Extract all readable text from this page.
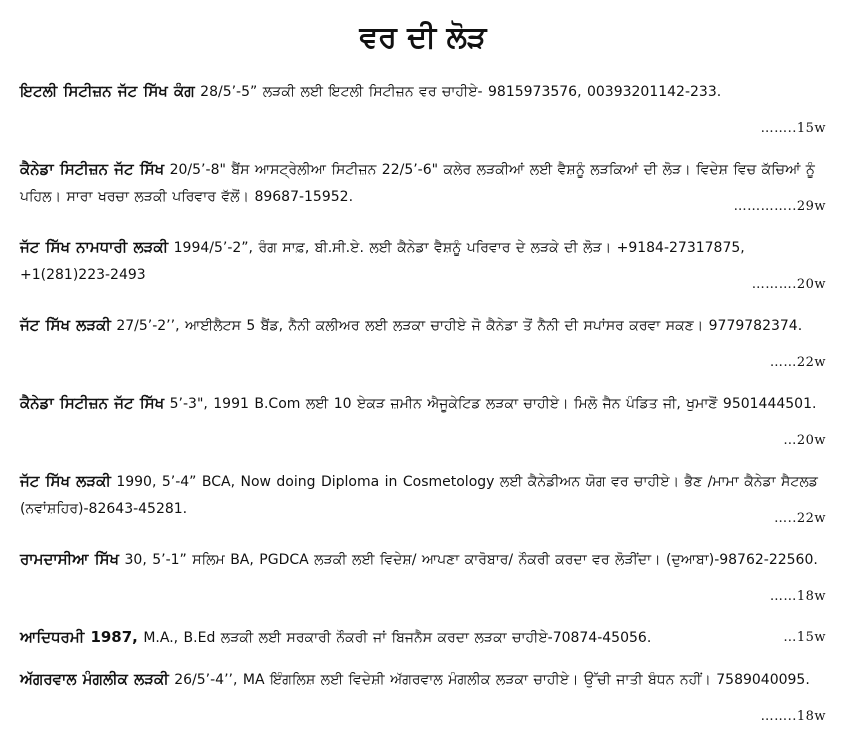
ਵਰ ਦੀ ਲੋੜ

ਇਟਲੀ ਸਿਟੀਜ਼ਨ ਜੱਟ ਸਿੱਖ ਕੰਗ 28/5’-5” ਲੜਕੀ ਲਈ ਇਟਲੀ ਸਿਟੀਜ਼ਨ ਵਰ ਚਾਹੀਏ- 9815973576, 00393201142-233.

……..15w

ਕੈਨੇਡਾ ਸਿਟੀਜ਼ਨ ਜੱਟ ਸਿੱਖ 20/5’-8" ਬੈਂਸ ਆਸਟ੍ਰੇਲੀਆ ਸਿਟੀਜ਼ਨ 22/5’-6" ਕਲੇਰ ਲੜਕੀਆਂ ਲਈ ਵੈਸ਼ਨੂੰ ਲੜਕਿਆਂ ਦੀ ਲੋੜ। ਵਿਦੇਸ਼ ਵਿਚ ਕੱਚਿਆਂ ਨੂੰ ਪਹਿਲ। ਸਾਰਾ ਖਰਚਾ ਲੜਕੀ ਪਰਿਵਾਰ ਵੱਲੋਂ। 89687-15952.

…………..29w

ਜੱਟ ਸਿੱਖ ਨਾਮਧਾਰੀ ਲੜਕੀ 1994/5’-2”, ਰੰਗ ਸਾਫ਼, ਬੀ.ਸੀ.ਏ. ਲਈ ਕੈਨੇਡਾ ਵੈਸ਼ਨੂੰ ਪਰਿਵਾਰ ਦੇ ਲੜਕੇ ਦੀ ਲੋੜ। +9184-27317875, +1(281)223-2493

……….20w

ਜੱਟ ਸਿੱਖ ਲੜਕੀ 27/5’-2’’, ਆਈਲੈਟਸ 5 ਬੈਂਡ, ਨੈਨੀ ਕਲੀਅਰ ਲਈ ਲੜਕਾ ਚਾਹੀਏ ਜੋ ਕੈਨੇਡਾ ਤੋਂ ਨੈਨੀ ਦੀ ਸਪਾਂਸਰ ਕਰਵਾ ਸਕਣ। 9779782374.

……22w

ਕੈਨੇਡਾ ਸਿਟੀਜ਼ਨ ਜੱਟ ਸਿੱਖ 5’-3", 1991 B.Com ਲਈ 10 ਏਕੜ ਜ਼ਮੀਨ ਐਜੂਕੇਟਿਡ ਲੜਕਾ ਚਾਹੀਏ। ਮਿਲੋ ਜੈਨ ਪੰਡਿਤ ਜੀ, ਖੁਮਾਣੋਂ 9501444501.

…20w

ਜੱਟ ਸਿੱਖ ਲੜਕੀ 1990, 5’-4” BCA, Now doing Diploma in Cosmetology ਲਈ ਕੈਨੇਡੀਅਨ ਯੋਗ ਵਰ ਚਾਹੀਏ। ਭੈਣ /ਮਾਮਾ ਕੈਨੇਡਾ ਸੈਟਲਡ (ਨਵਾਂਸ਼ਹਿਰ)-82643-45281.

…..22w

ਰਾਮਦਾਸੀਆ ਸਿੱਖ 30, 5’-1” ਸਲਿਮ BA, PGDCA ਲੜਕੀ ਲਈ ਵਿਦੇਸ਼/ ਆਪਣਾ ਕਾਰੋਬਾਰ/ ਨੌਕਰੀ ਕਰਦਾ ਵਰ ਲੋੜੀਂਦਾ। (ਦੁਆਬਾ)-98762-22560.

……18w

ਆਦਿਧਰਮੀ 1987, M.A., B.Ed ਲੜਕੀ ਲਈ ਸਰਕਾਰੀ ਨੌਕਰੀ ਜਾਂ ਬਿਜਨੈਸ ਕਰਦਾ ਲੜਕਾ ਚਾਹੀਏ-70874-45056.	…15w

ਅੱਗਰਵਾਲ ਮੰਗਲੀਕ ਲੜਕੀ 26/5’-4’’, MA ਇੰਗਲਿਸ਼ ਲਈ ਵਿਦੇਸ਼ੀ ਅੱਗਰਵਾਲ ਮੰਗਲੀਕ ਲੜਕਾ ਚਾਹੀਏ। ਉੱਚੀ ਜਾਤੀ ਬੰਧਨ ਨਹੀਂ। 7589040095.

……..18w
